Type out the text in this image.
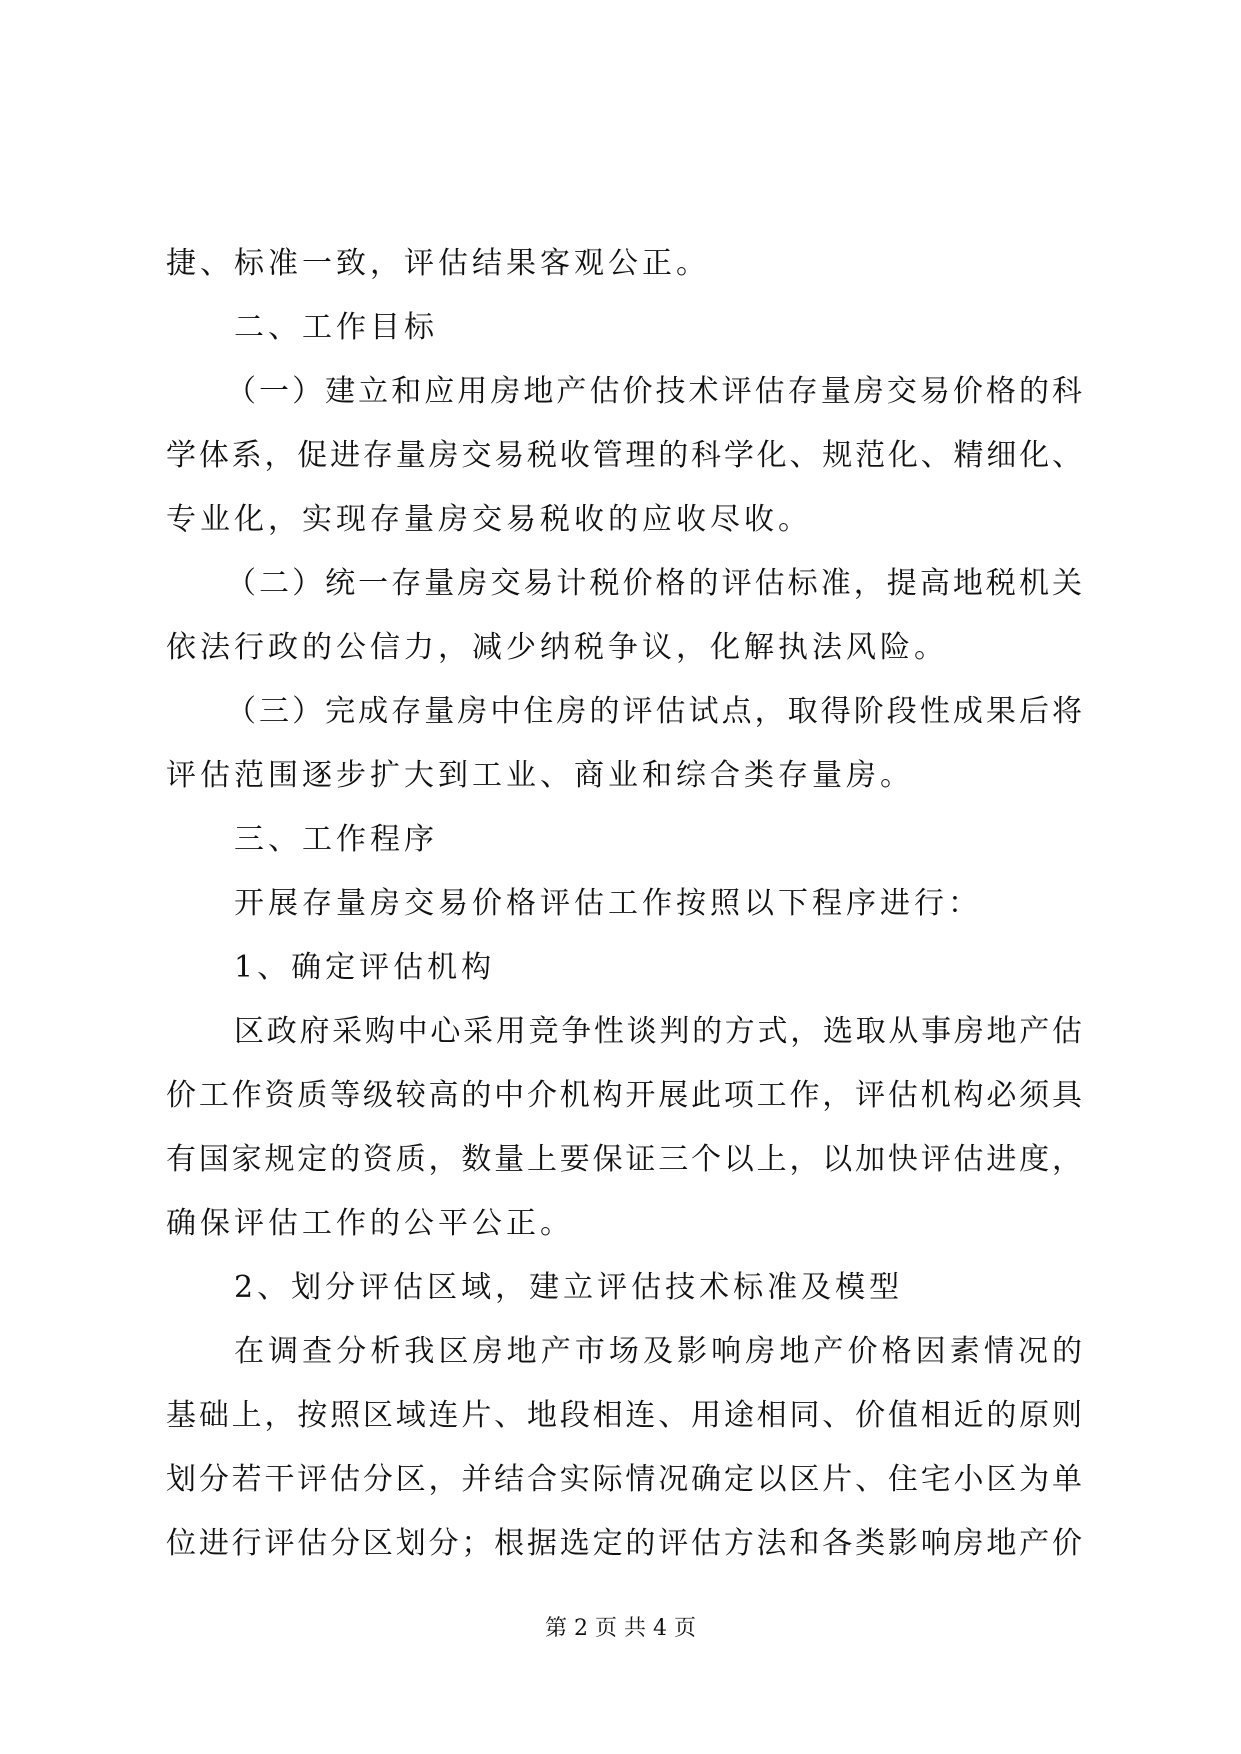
捷、标准一致，评估结果客观公正。
二、工作目标
（一）建立和应用房地产估价技术评估存量房交易价格的科
学体系，促进存量房交易税收管理的科学化、规范化、精细化、
专业化，实现存量房交易税收的应收尽收。
（二）统一存量房交易计税价格的评估标准，提高地税机关
依法行政的公信力，减少纳税争议，化解执法风险。
（三）完成存量房中住房的评估试点，取得阶段性成果后将
评估范围逐步扩大到工业、商业和综合类存量房。
三、工作程序
开展存量房交易价格评估工作按照以下程序进行：
1、确定评估机构
区政府采购中心采用竞争性谈判的方式，选取从事房地产估
价工作资质等级较高的中介机构开展此项工作，评估机构必须具
有国家规定的资质，数量上要保证三个以上，以加快评估进度，
确保评估工作的公平公正。
2、划分评估区域，建立评估技术标准及模型
在调查分析我区房地产市场及影响房地产价格因素情况的
基础上，按照区域连片、地段相连、用途相同、价值相近的原则
划分若干评估分区，并结合实际情况确定以区片、住宅小区为单
位进行评估分区划分；根据选定的评估方法和各类影响房地产价
第 2 页 共 4 页
